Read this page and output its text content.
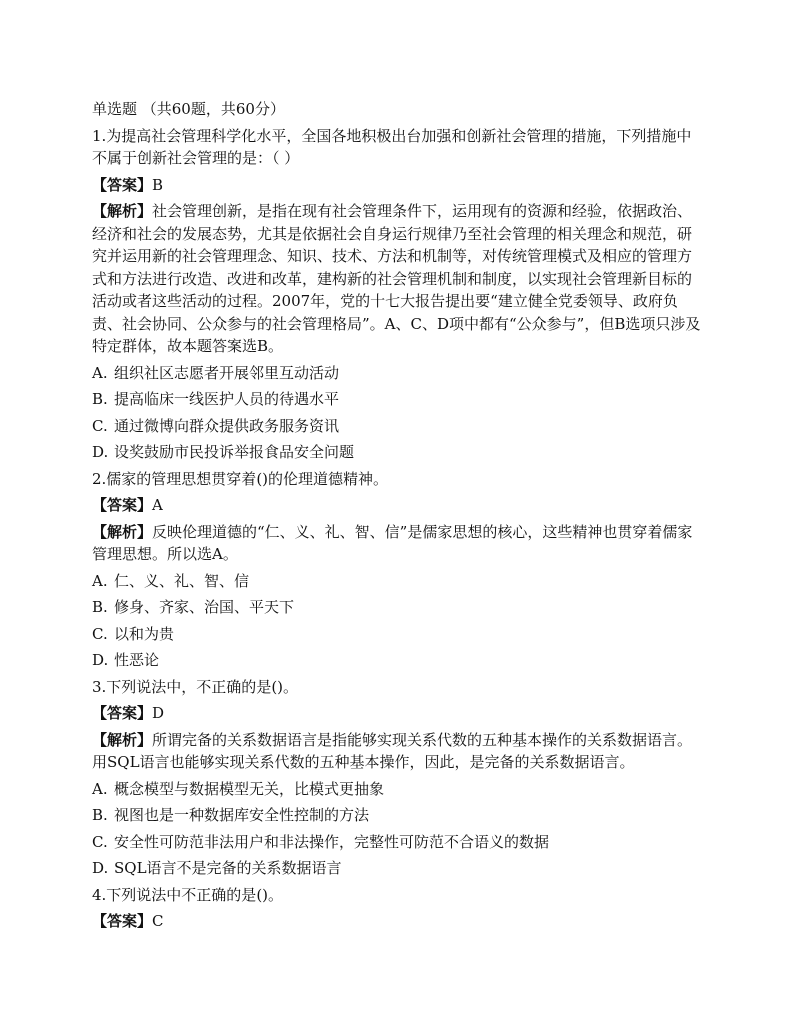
单选题 （共60题，共60分）
1.为提高社会管理科学化水平，全国各地积极出台加强和创新社会管理的措施，下列措施中不属于创新社会管理的是：（ ）
【答案】B
【解析】社会管理创新，是指在现有社会管理条件下，运用现有的资源和经验，依据政治、经济和社会的发展态势，尤其是依据社会自身运行规律乃至社会管理的相关理念和规范，研究并运用新的社会管理理念、知识、技术、方法和机制等，对传统管理模式及相应的管理方式和方法进行改造、改进和改革，建构新的社会管理机制和制度，以实现社会管理新目标的活动或者这些活动的过程。2007年，党的十七大报告提出要“建立健全党委领导、政府负责、社会协同、公众参与的社会管理格局”。A、C、D项中都有“公众参与”，但B选项只涉及特定群体，故本题答案选B。
A. 组织社区志愿者开展邻里互动活动
B. 提高临床一线医护人员的待遇水平
C. 通过微博向群众提供政务服务资讯
D. 设奖鼓励市民投诉举报食品安全问题
2.儒家的管理思想贯穿着()的伦理道德精神。
【答案】A
【解析】反映伦理道德的“仁、义、礼、智、信”是儒家思想的核心，这些精神也贯穿着儒家管理思想。所以选A。
A. 仁、义、礼、智、信
B. 修身、齐家、治国、平天下
C. 以和为贵
D. 性恶论
3.下列说法中，不正确的是()。
【答案】D
【解析】所谓完备的关系数据语言是指能够实现关系代数的五种基本操作的关系数据语言。用SQL语言也能够实现关系代数的五种基本操作，因此，是完备的关系数据语言。
A. 概念模型与数据模型无关，比模式更抽象
B. 视图也是一种数据库安全性控制的方法
C. 安全性可防范非法用户和非法操作，完整性可防范不合语义的数据
D. SQL语言不是完备的关系数据语言
4.下列说法中不正确的是()。
【答案】C
